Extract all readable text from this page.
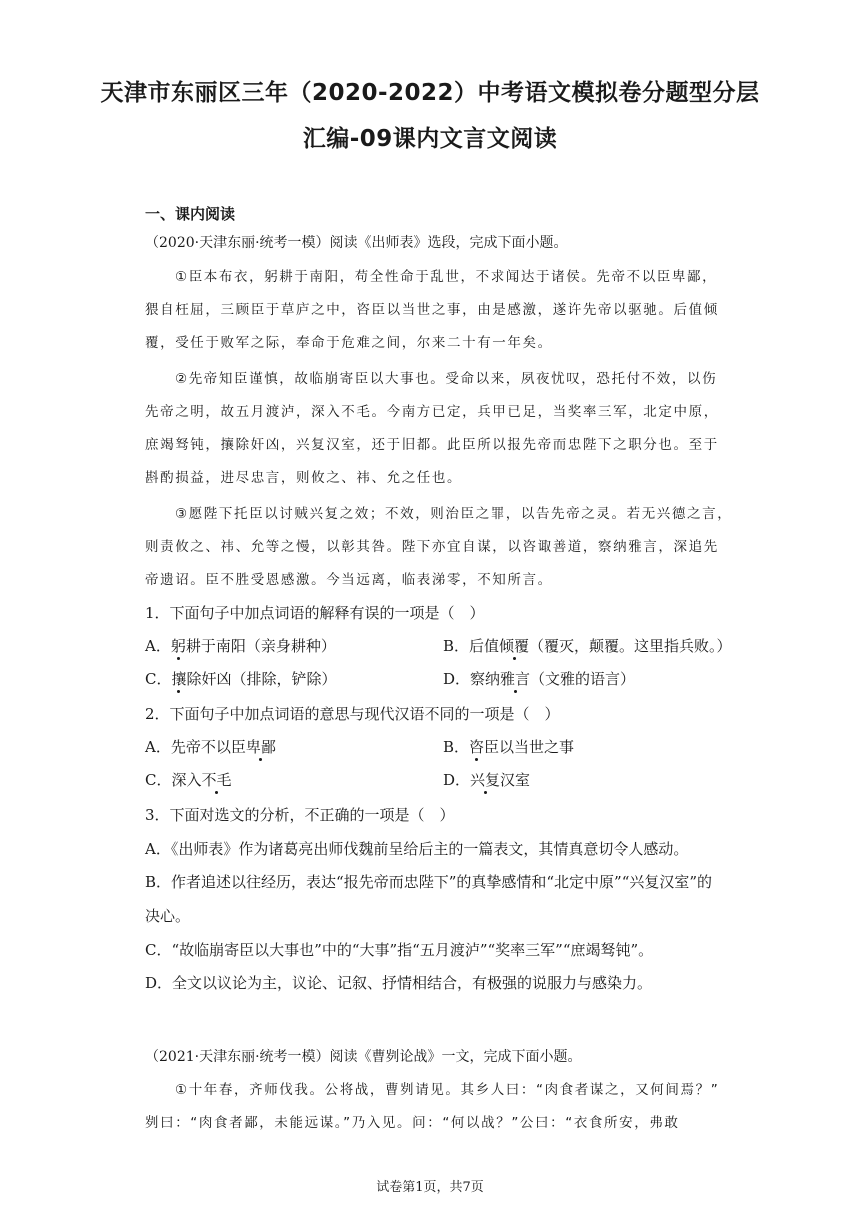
天津市东丽区三年（2020-2022）中考语文模拟卷分题型分层
汇编-09课内文言文阅读
一、课内阅读
（2020·天津东丽·统考一模）阅读《出师表》选段，完成下面小题。
①臣本布衣，躬耕于南阳，苟全性命于乱世，不求闻达于诸侯。先帝不以臣卑鄙，
猥自枉屈，三顾臣于草庐之中，咨臣以当世之事，由是感激，遂许先帝以驱驰。后值倾
覆，受任于败军之际，奉命于危难之间，尔来二十有一年矣。
②先帝知臣谨慎，故临崩寄臣以大事也。受命以来，夙夜忧叹，恐托付不效，以伤
先帝之明，故五月渡泸，深入不毛。今南方已定，兵甲已足，当奖率三军，北定中原，
庶竭驽钝，攘除奸凶，兴复汉室，还于旧都。此臣所以报先帝而忠陛下之职分也。至于
斟酌损益，进尽忠言，则攸之、祎、允之任也。
③愿陛下托臣以讨贼兴复之效；不效，则治臣之罪，以告先帝之灵。若无兴德之言，
则责攸之、祎、允等之慢，以彰其咎。陛下亦宜自谋，以咨诹善道，察纳雅言，深追先
帝遗诏。臣不胜受恩感激。今当远离，临表涕零，不知所言。
1．下面句子中加点词语的解释有误的一项是（　）
A．躬耕于南阳（亲身耕种）	B．后值倾覆（覆灭，颠覆。这里指兵败。）
C．攘除奸凶（排除，铲除）	D．察纳雅言（文雅的语言）
2．下面句子中加点词语的意思与现代汉语不同的一项是（　）
A．先帝不以臣卑鄙	B．咨臣以当世之事
C．深入不毛	D．兴复汉室
3．下面对选文的分析，不正确的一项是（　）
A．《出师表》作为诸葛亮出师伐魏前呈给后主的一篇表文，其情真意切令人感动。
B．作者追述以往经历，表达“报先帝而忠陛下”的真挚感情和“北定中原”“兴复汉室”的
决心。
C．“故临崩寄臣以大事也”中的“大事”指“五月渡泸”“奖率三军”“庶竭驽钝”。
D．全文以议论为主，议论、记叙、抒情相结合，有极强的说服力与感染力。
（2021·天津东丽·统考一模）阅读《曹刿论战》一文，完成下面小题。
①十年春，齐师伐我。公将战，曹刿请见。其乡人曰：“肉食者谋之，又何间焉？”
刿曰：“肉食者鄙，未能远谋。”乃入见。问：“何以战？”公曰：“衣食所安，弗敢
试卷第1页，共7页
